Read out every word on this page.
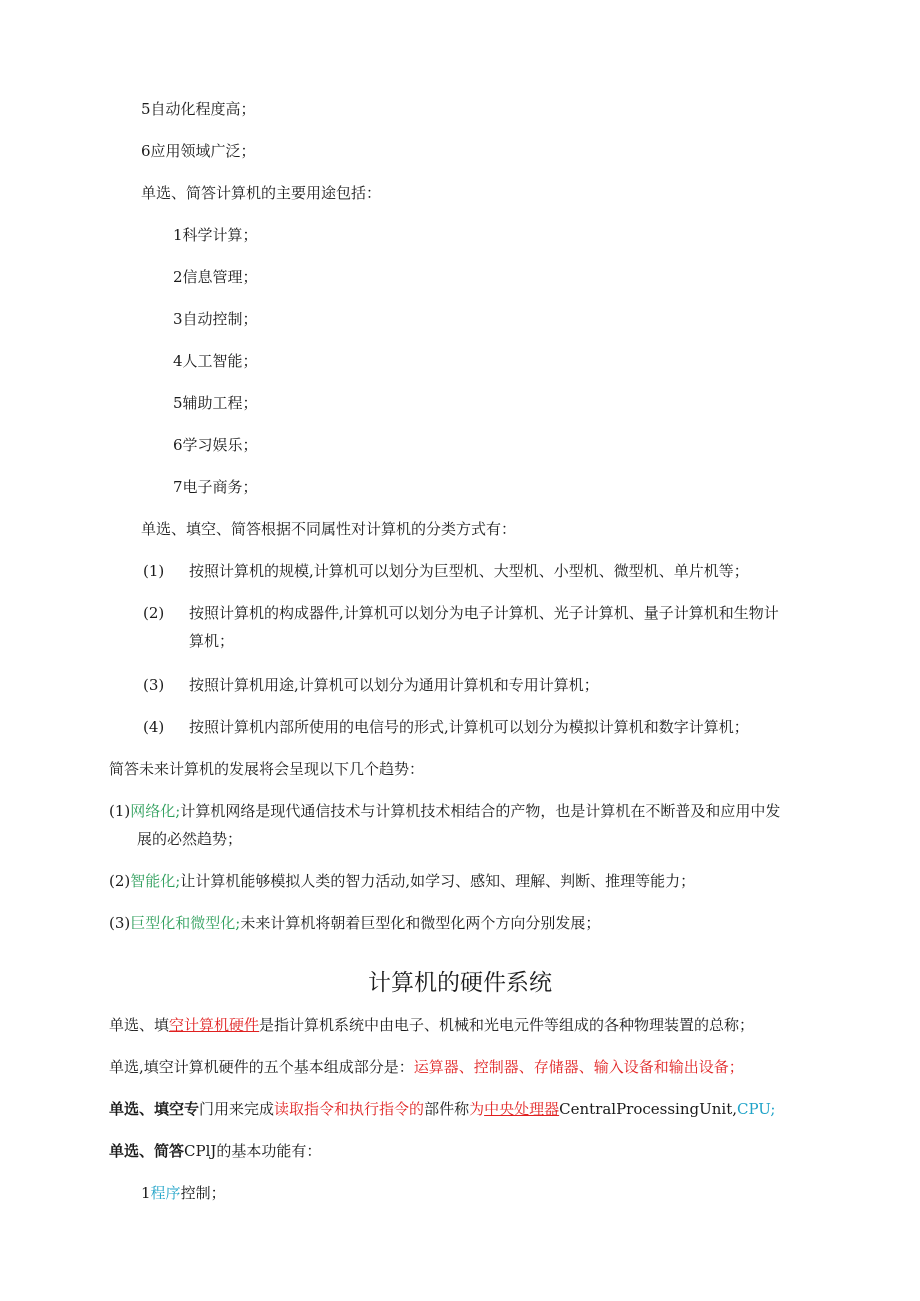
5自动化程度高；
6应用领域广泛；
单选、简答计算机的主要用途包括：
1科学计算；
2信息管理；
3自动控制；
4人工智能；
5辅助工程；
6学习娱乐；
7电子商务；
单选、填空、简答根据不同属性对计算机的分类方式有：
(1) 按照计算机的规模,计算机可以划分为巨型机、大型机、小型机、微型机、单片机等；
(2) 按照计算机的构成器件,计算机可以划分为电子计算机、光子计算机、量子计算机和生物计
算机；
(3) 按照计算机用途,计算机可以划分为通用计算机和专用计算机；
(4) 按照计算机内部所使用的电信号的形式,计算机可以划分为模拟计算机和数字计算机；
简答未来计算机的发展将会呈现以下几个趋势：
(1)网络化;计算机网络是现代通信技术与计算机技术相结合的产物，也是计算机在不断普及和应用中发
展的必然趋势；
(2)智能化;让计算机能够模拟人类的智力活动,如学习、感知、理解、判断、推理等能力；
(3)巨型化和微型化;未来计算机将朝着巨型化和微型化两个方向分别发展；
计算机的硬件系统
单选、填空计算机硬件是指计算机系统中由电子、机械和光电元件等组成的各种物理装置的总称；
单选,填空计算机硬件的五个基本组成部分是：运算器、控制器、存储器、输入设备和输出设备；
单选、填空专门用来完成读取指令和执行指令的部件称为中央处理器CentralProcessingUnit,CPU;
单选、简答CPlJ的基本功能有：
1程序控制；
